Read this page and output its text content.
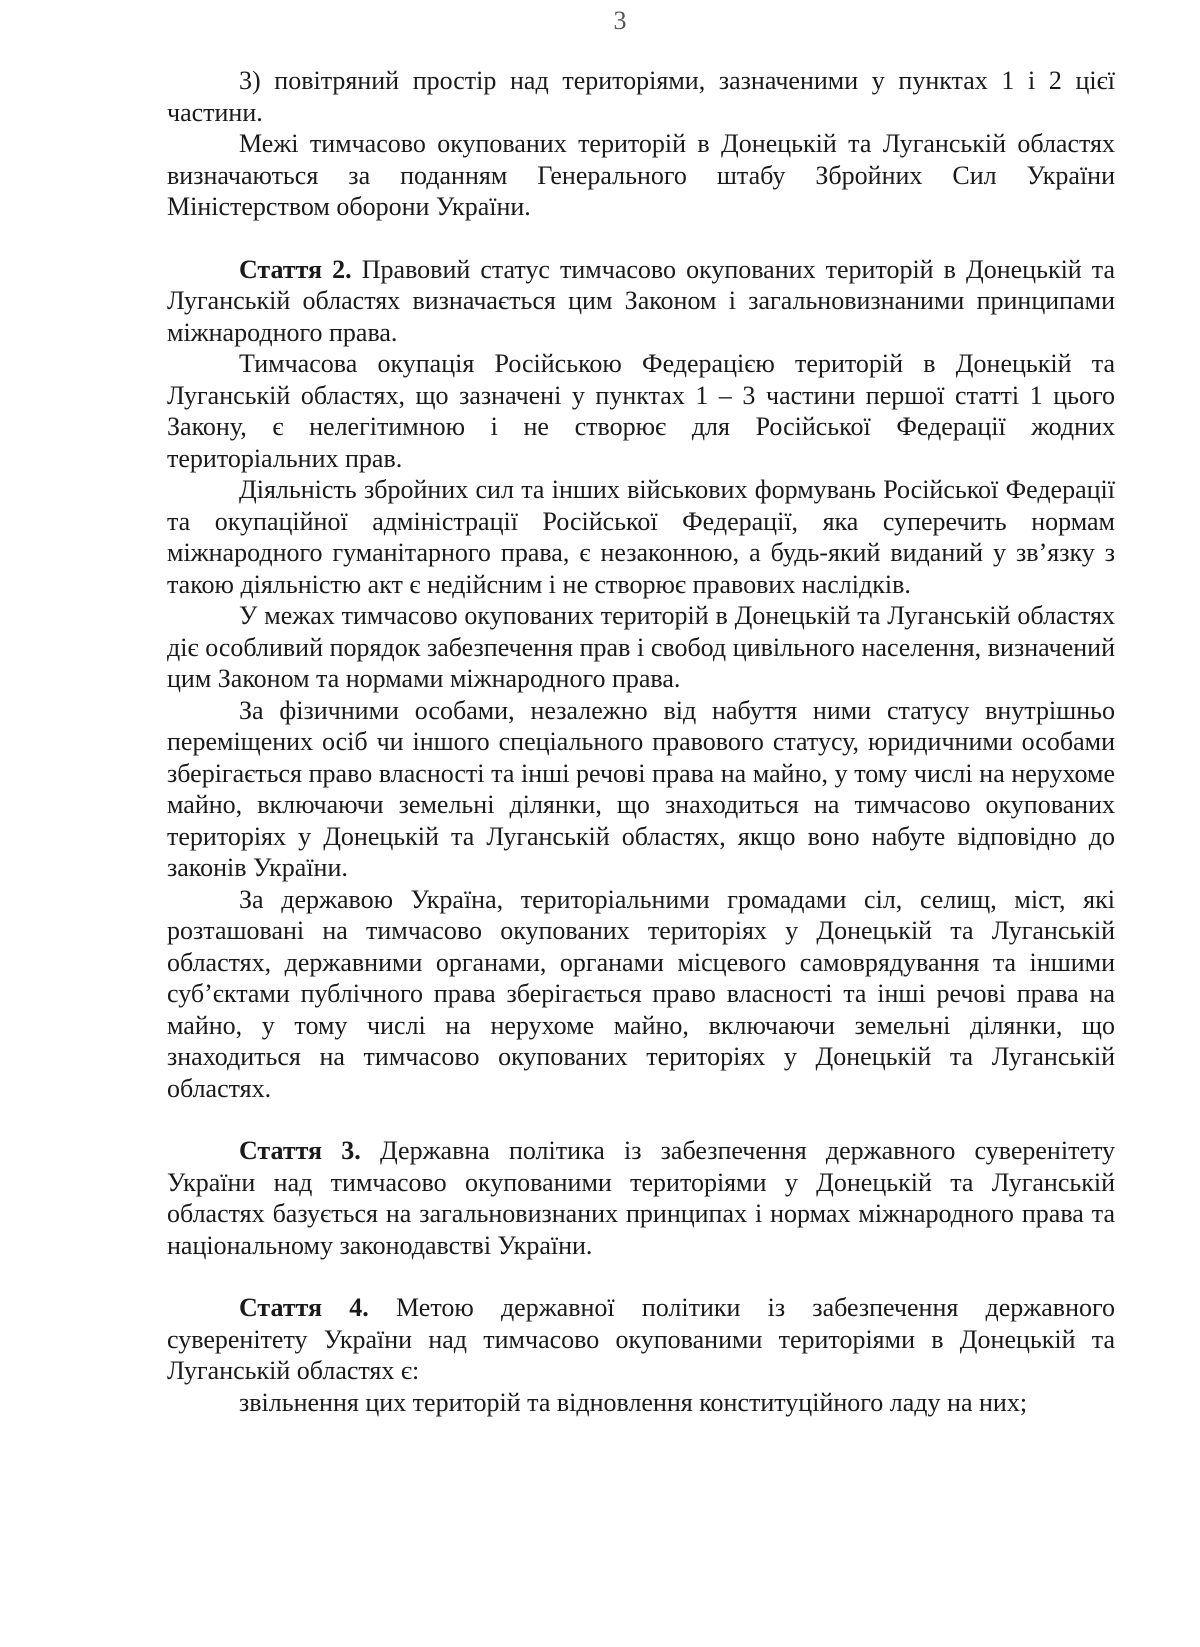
3

3) повітряний простір над територіями, зазначеними у пунктах 1 і 2 цієї частини.

Межі тимчасово окупованих територій в Донецькій та Луганській областях визначаються за поданням Генерального штабу Збройних Сил України Міністерством оборони України.

Стаття 2. Правовий статус тимчасово окупованих територій в Донецькій та Луганській областях визначається цим Законом і загальновизнаними принципами міжнародного права.

Тимчасова окупація Російською Федерацією територій в Донецькій та Луганській областях, що зазначені у пунктах 1 – 3 частини першої статті 1 цього Закону, є нелегітимною і не створює для Російської Федерації жодних територіальних прав.

Діяльність збройних сил та інших військових формувань Російської Федерації та окупаційної адміністрації Російської Федерації, яка суперечить нормам міжнародного гуманітарного права, є незаконною, а будь-який виданий у зв’язку з такою діяльністю акт є недійсним і не створює правових наслідків.

У межах тимчасово окупованих територій в Донецькій та Луганській областях діє особливий порядок забезпечення прав і свобод цивільного населення, визначений цим Законом та нормами міжнародного права.

За фізичними особами, незалежно від набуття ними статусу внутрішньо переміщених осіб чи іншого спеціального правового статусу, юридичними особами зберігається право власності та інші речові права на майно, у тому числі на нерухоме майно, включаючи земельні ділянки, що знаходиться на тимчасово окупованих територіях у Донецькій та Луганській областях, якщо воно набуте відповідно до законів України.

За державою Україна, територіальними громадами сіл, селищ, міст, які розташовані на тимчасово окупованих територіях у Донецькій та Луганській областях, державними органами, органами місцевого самоврядування та іншими суб’єктами публічного права зберігається право власності та інші речові права на майно, у тому числі на нерухоме майно, включаючи земельні ділянки, що знаходиться на тимчасово окупованих територіях у Донецькій та Луганській областях.

Стаття 3. Державна політика із забезпечення державного суверенітету України над тимчасово окупованими територіями у Донецькій та Луганській областях базується на загальновизнаних принципах і нормах міжнародного права та національному законодавстві України.

Стаття 4. Метою державної політики із забезпечення державного суверенітету України над тимчасово окупованими територіями в Донецькій та Луганській областях є:

звільнення цих територій та відновлення конституційного ладу на них;
